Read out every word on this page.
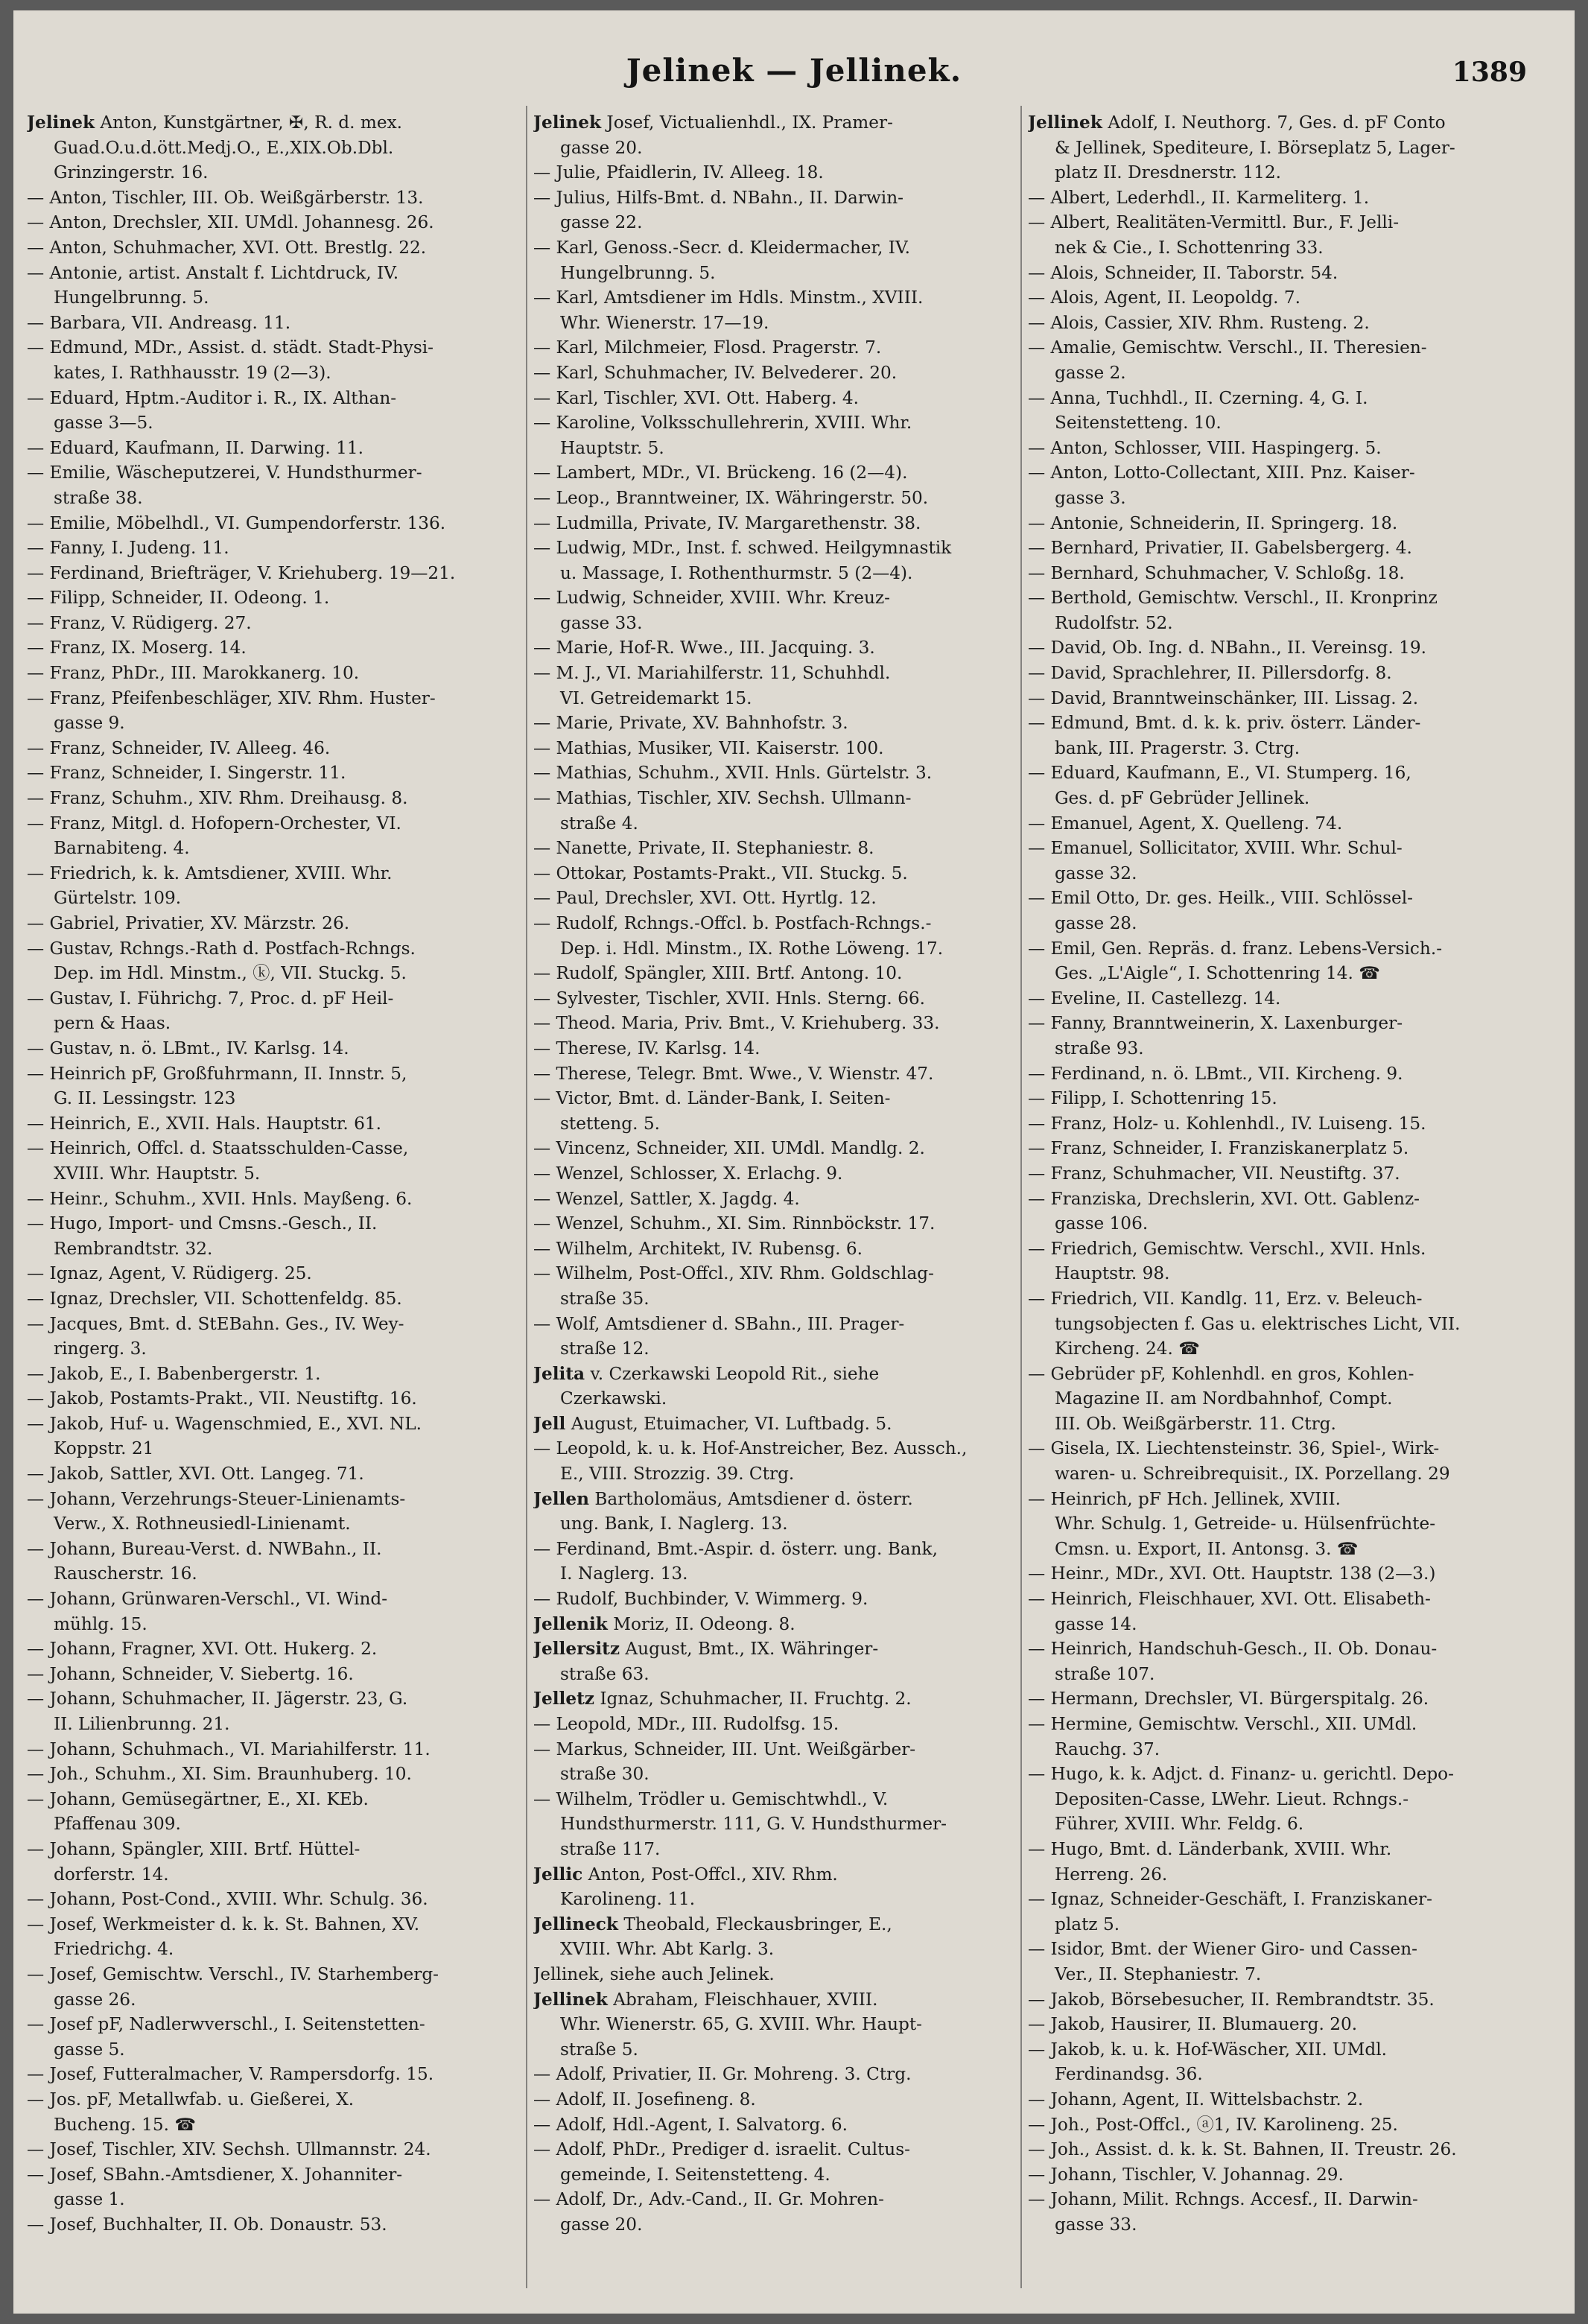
Jelinek — Jellinek.	1389
Jelinek Anton, Kunstgärtner, ✠, R. d. mex.
Guad.O.u.d.ött.Medj.O., E.,XIX.Ob.Dbl.
Grinzingerstr. 16.
— Anton, Tischler, III. Ob. Weißgärberstr. 13.
— Anton, Drechsler, XII. UMdl. Johannesg. 26.
— Anton, Schuhmacher, XVI. Ott. Brestlg. 22.
— Antonie, artist. Anstalt f. Lichtdruck, IV.
Hungelbrunng. 5.
— Barbara, VII. Andreasg. 11.
— Edmund, MDr., Assist. d. städt. Stadt-Physi-
kates, I. Rathhausstr. 19 (2—3).
— Eduard, Hptm.-Auditor i. R., IX. Althan-
gasse 3—5.
— Eduard, Kaufmann, II. Darwing. 11.
— Emilie, Wäscheputzerei, V. Hundsthurmer-
straße 38.
— Emilie, Möbelhdl., VI. Gumpendorferstr. 136.
— Fanny, I. Judeng. 11.
— Ferdinand, Briefträger, V. Kriehuberg. 19—21.
— Filipp, Schneider, II. Odeong. 1.
— Franz, V. Rüdigerg. 27.
— Franz, IX. Moserg. 14.
— Franz, PhDr., III. Marokkanerg. 10.
— Franz, Pfeifenbeschläger, XIV. Rhm. Huster-
gasse 9.
— Franz, Schneider, IV. Alleeg. 46.
— Franz, Schneider, I. Singerstr. 11.
— Franz, Schuhm., XIV. Rhm. Dreihausg. 8.
— Franz, Mitgl. d. Hofopern-Orchester, VI.
Barnabiteng. 4.
— Friedrich, k. k. Amtsdiener, XVIII. Whr.
Gürtelstr. 109.
— Gabriel, Privatier, XV. Märzstr. 26.
— Gustav, Rchngs.-Rath d. Postfach-Rchngs.
Dep. im Hdl. Minstm., ⓚ, VII. Stuckg. 5.
— Gustav, I. Führichg. 7, Proc. d. pF Heil-
pern & Haas.
— Gustav, n. ö. LBmt., IV. Karlsg. 14.
— Heinrich pF, Großfuhrmann, II. Innstr. 5,
G. II. Lessingstr. 123
— Heinrich, E., XVII. Hals. Hauptstr. 61.
— Heinrich, Offcl. d. Staatsschulden-Casse,
XVIII. Whr. Hauptstr. 5.
— Heinr., Schuhm., XVII. Hnls. Mayßeng. 6.
— Hugo, Import- und Cmsns.-Gesch., II.
Rembrandtstr. 32.
— Ignaz, Agent, V. Rüdigerg. 25.
— Ignaz, Drechsler, VII. Schottenfeldg. 85.
— Jacques, Bmt. d. StEBahn. Ges., IV. Wey-
ringerg. 3.
— Jakob, E., I. Babenbergerstr. 1.
— Jakob, Postamts-Prakt., VII. Neustiftg. 16.
— Jakob, Huf- u. Wagenschmied, E., XVI. NL.
Koppstr. 21
— Jakob, Sattler, XVI. Ott. Langeg. 71.
— Johann, Verzehrungs-Steuer-Linienamts-
Verw., X. Rothneusiedl-Linienamt.
— Johann, Bureau-Verst. d. NWBahn., II.
Rauscherstr. 16.
— Johann, Grünwaren-Verschl., VI. Wind-
mühlg. 15.
— Johann, Fragner, XVI. Ott. Hukerg. 2.
— Johann, Schneider, V. Siebertg. 16.
— Johann, Schuhmacher, II. Jägerstr. 23, G.
II. Lilienbrunng. 21.
— Johann, Schuhmach., VI. Mariahilferstr. 11.
— Joh., Schuhm., XI. Sim. Braunhuberg. 10.
— Johann, Gemüsegärtner, E., XI. KEb.
Pfaffenau 309.
— Johann, Spängler, XIII. Brtf. Hüttel-
dorferstr. 14.
— Johann, Post-Cond., XVIII. Whr. Schulg. 36.
— Josef, Werkmeister d. k. k. St. Bahnen, XV.
Friedrichg. 4.
— Josef, Gemischtw. Verschl., IV. Starhemberg-
gasse 26.
— Josef pF, Nadlerwverschl., I. Seitenstetten-
gasse 5.
— Josef, Futteralmacher, V. Rampersdorfg. 15.
— Jos. pF, Metallwfab. u. Gießerei, X.
Bucheng. 15. ☎
— Josef, Tischler, XIV. Sechsh. Ullmannstr. 24.
— Josef, SBahn.-Amtsdiener, X. Johanniter-
gasse 1.
— Josef, Buchhalter, II. Ob. Donaustr. 53.
Jelinek Josef, Victualienhdl., IX. Pramer-
gasse 20.
— Julie, Pfaidlerin, IV. Alleeg. 18.
— Julius, Hilfs-Bmt. d. NBahn., II. Darwin-
gasse 22.
— Karl, Genoss.-Secr. d. Kleidermacher, IV.
Hungelbrunng. 5.
— Karl, Amtsdiener im Hdls. Minstm., XVIII.
Whr. Wienerstr. 17—19.
— Karl, Milchmeier, Flosd. Pragerstr. 7.
— Karl, Schuhmacher, IV. Belvederег. 20.
— Karl, Tischler, XVI. Ott. Haberg. 4.
— Karoline, Volksschullehrerin, XVIII. Whr.
Hauptstr. 5.
— Lambert, MDr., VI. Brückeng. 16 (2—4).
— Leop., Branntweiner, IX. Währingerstr. 50.
— Ludmilla, Private, IV. Margarethenstr. 38.
— Ludwig, MDr., Inst. f. schwed. Heilgymnastik
u. Massage, I. Rothenthurmstr. 5 (2—4).
— Ludwig, Schneider, XVIII. Whr. Kreuz-
gasse 33.
— Marie, Hof-R. Wwe., III. Jacquing. 3.
— M. J., VI. Mariahilferstr. 11, Schuhhdl.
VI. Getreidemarkt 15.
— Marie, Private, XV. Bahnhofstr. 3.
— Mathias, Musiker, VII. Kaiserstr. 100.
— Mathias, Schuhm., XVII. Hnls. Gürtelstr. 3.
— Mathias, Tischler, XIV. Sechsh. Ullmann-
straße 4.
— Nanette, Private, II. Stephaniestr. 8.
— Ottokar, Postamts-Prakt., VII. Stuckg. 5.
— Paul, Drechsler, XVI. Ott. Hyrtlg. 12.
— Rudolf, Rchngs.-Offcl. b. Postfach-Rchngs.-
Dep. i. Hdl. Minstm., IX. Rothe Löweng. 17.
— Rudolf, Spängler, XIII. Brtf. Antong. 10.
— Sylvester, Tischler, XVII. Hnls. Sterng. 66.
— Theod. Maria, Priv. Bmt., V. Kriehuberg. 33.
— Therese, IV. Karlsg. 14.
— Therese, Telegr. Bmt. Wwe., V. Wienstr. 47.
— Victor, Bmt. d. Länder-Bank, I. Seiten-
stetteng. 5.
— Vincenz, Schneider, XII. UMdl. Mandlg. 2.
— Wenzel, Schlosser, X. Erlachg. 9.
— Wenzel, Sattler, X. Jagdg. 4.
— Wenzel, Schuhm., XI. Sim. Rinnböckstr. 17.
— Wilhelm, Architekt, IV. Rubensg. 6.
— Wilhelm, Post-Offcl., XIV. Rhm. Goldschlag-
straße 35.
— Wolf, Amtsdiener d. SBahn., III. Prager-
straße 12.
Jelita v. Czerkawski Leopold Rit., siehe
Czerkawski.
Jell August, Etuimacher, VI. Luftbadg. 5.
— Leopold, k. u. k. Hof-Anstreicher, Bez. Aussch.,
E., VIII. Strozzig. 39. Ctrg.
Jellen Bartholomäus, Amtsdiener d. österr.
ung. Bank, I. Naglerg. 13.
— Ferdinand, Bmt.-Aspir. d. österr. ung. Bank,
I. Naglerg. 13.
— Rudolf, Buchbinder, V. Wimmerg. 9.
Jellenik Moriz, II. Odeong. 8.
Jellersitz August, Bmt., IX. Währinger-
straße 63.
Jelletz Ignaz, Schuhmacher, II. Fruchtg. 2.
— Leopold, MDr., III. Rudolfsg. 15.
— Markus, Schneider, III. Unt. Weißgärber-
straße 30.
— Wilhelm, Trödler u. Gemischtwhdl., V.
Hundsthurmerstr. 111, G. V. Hundsthurmer-
straße 117.
Jellic Anton, Post-Offcl., XIV. Rhm.
Karolineng. 11.
Jellineck Theobald, Fleckausbringer, E.,
XVIII. Whr. Abt Karlg. 3.
Jellinek, siehe auch Jelinek.
Jellinek Abraham, Fleischhauer, XVIII.
Whr. Wienerstr. 65, G. XVIII. Whr. Haupt-
straße 5.
— Adolf, Privatier, II. Gr. Mohreng. 3. Ctrg.
— Adolf, II. Josefineng. 8.
— Adolf, Hdl.-Agent, I. Salvatorg. 6.
— Adolf, PhDr., Prediger d. israelit. Cultus-
gemeinde, I. Seitenstetteng. 4.
— Adolf, Dr., Adv.-Cand., II. Gr. Mohren-
gasse 20.
Jellinek Adolf, I. Neuthorg. 7, Ges. d. pF Conto
& Jellinek, Spediteure, I. Börseplatz 5, Lager-
platz II. Dresdnerstr. 112.
— Albert, Lederhdl., II. Karmeliterg. 1.
— Albert, Realitäten-Vermittl. Bur., F. Jelli-
nek & Cie., I. Schottenring 33.
— Alois, Schneider, II. Taborstr. 54.
— Alois, Agent, II. Leopoldg. 7.
— Alois, Cassier, XIV. Rhm. Rusteng. 2.
— Amalie, Gemischtw. Verschl., II. Theresien-
gasse 2.
— Anna, Tuchhdl., II. Czerning. 4, G. I.
Seitenstetteng. 10.
— Anton, Schlosser, VIII. Haspingerg. 5.
— Anton, Lotto-Collectant, XIII. Pnz. Kaiser-
gasse 3.
— Antonie, Schneiderin, II. Springerg. 18.
— Bernhard, Privatier, II. Gabelsbergerg. 4.
— Bernhard, Schuhmacher, V. Schloßg. 18.
— Berthold, Gemischtw. Verschl., II. Kronprinz
Rudolfstr. 52.
— David, Ob. Ing. d. NBahn., II. Vereinsg. 19.
— David, Sprachlehrer, II. Pillersdorfg. 8.
— David, Branntweinschänker, III. Lissag. 2.
— Edmund, Bmt. d. k. k. priv. österr. Länder-
bank, III. Pragerstr. 3. Ctrg.
— Eduard, Kaufmann, E., VI. Stumperg. 16,
Ges. d. pF Gebrüder Jellinek.
— Emanuel, Agent, X. Quelleng. 74.
— Emanuel, Sollicitator, XVIII. Whr. Schul-
gasse 32.
— Emil Otto, Dr. ges. Heilk., VIII. Schlössel-
gasse 28.
— Emil, Gen. Repräs. d. franz. Lebens-Versich.-
Ges. „L'Aigle“, I. Schottenring 14. ☎
— Eveline, II. Castellezg. 14.
— Fanny, Branntweinerin, X. Laxenburger-
straße 93.
— Ferdinand, n. ö. LBmt., VII. Kircheng. 9.
— Filipp, I. Schottenring 15.
— Franz, Holz- u. Kohlenhdl., IV. Luiseng. 15.
— Franz, Schneider, I. Franziskanerplatz 5.
— Franz, Schuhmacher, VII. Neustiftg. 37.
— Franziska, Drechslerin, XVI. Ott. Gablenz-
gasse 106.
— Friedrich, Gemischtw. Verschl., XVII. Hnls.
Hauptstr. 98.
— Friedrich, VII. Kandlg. 11, Erz. v. Beleuch-
tungsobjecten f. Gas u. elektrisches Licht, VII.
Kircheng. 24. ☎
— Gebrüder pF, Kohlenhdl. en gros, Kohlen-
Magazine II. am Nordbahnhof, Compt.
III. Ob. Weißgärberstr. 11. Ctrg.
— Gisela, IX. Liechtensteinstr. 36, Spiel-, Wirk-
waren- u. Schreibrequisit., IX. Porzellang. 29
— Heinrich, pF Hch. Jellinek, XVIII.
Whr. Schulg. 1, Getreide- u. Hülsenfrüchte-
Cmsn. u. Export, II. Antonsg. 3. ☎
— Heinr., MDr., XVI. Ott. Hauptstr. 138 (2—3.)
— Heinrich, Fleischhauer, XVI. Ott. Elisabeth-
gasse 14.
— Heinrich, Handschuh-Gesch., II. Ob. Donau-
straße 107.
— Hermann, Drechsler, VI. Bürgerspitalg. 26.
— Hermine, Gemischtw. Verschl., XII. UMdl.
Rauchg. 37.
— Hugo, k. k. Adjct. d. Finanz- u. gerichtl. Depo-
Depositen-Casse, LWehr. Lieut. Rchngs.-
Führer, XVIII. Whr. Feldg. 6.
— Hugo, Bmt. d. Länderbank, XVIII. Whr.
Herreng. 26.
— Ignaz, Schneider-Geschäft, I. Franziskaner-
platz 5.
— Isidor, Bmt. der Wiener Giro- und Cassen-
Ver., II. Stephaniestr. 7.
— Jakob, Börsebesucher, II. Rembrandtstr. 35.
— Jakob, Hausirer, II. Blumauerg. 20.
— Jakob, k. u. k. Hof-Wäscher, XII. UMdl.
Ferdinandsg. 36.
— Johann, Agent, II. Wittelsbachstr. 2.
— Joh., Post-Offcl., ⓐ1, IV. Karolineng. 25.
— Joh., Assist. d. k. k. St. Bahnen, II. Treustr. 26.
— Johann, Tischler, V. Johannag. 29.
— Johann, Milit. Rchngs. Accesf., II. Darwin-
gasse 33.
